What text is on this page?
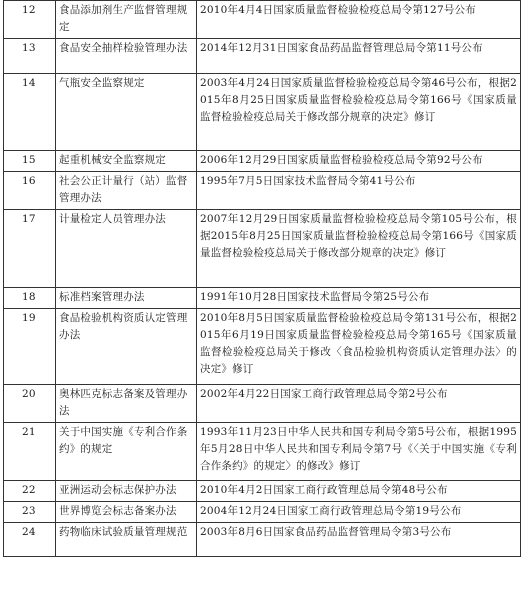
12	食品添加剂生产监督管理规定	2010年4月4日国家质量监督检验检疫总局令第127号公布
13	食品安全抽样检验管理办法	2014年12月31日国家食品药品监督管理总局令第11号公布
14	气瓶安全监察规定	2003年4月24日国家质量监督检验检疫总局令第46号公布，根据2015年8月25日国家质量监督检验检疫总局令第166号《国家质量监督检验检疫总局关于修改部分规章的决定》修订
15	起重机械安全监察规定	2006年12月29日国家质量监督检验检疫总局令第92号公布
16	社会公正计量行（站）监督管理办法	1995年7月5日国家技术监督局令第41号公布
17	计量检定人员管理办法	2007年12月29日国家质量监督检验检疫总局令第105号公布，根据2015年8月25日国家质量监督检验检疫总局令第166号《国家质量监督检验检疫总局关于修改部分规章的决定》修订
18	标准档案管理办法	1991年10月28日国家技术监督局令第25号公布
19	食品检验机构资质认定管理办法	2010年8月5日国家质量监督检验检疫总局令第131号公布，根据2015年6月19日国家质量监督检验检疫总局令第165号《国家质量监督检验检疫总局关于修改〈食品检验机构资质认定管理办法〉的决定》修订
20	奥林匹克标志备案及管理办法	2002年4月22日国家工商行政管理总局令第2号公布
21	关于中国实施《专利合作条约》的规定	1993年11月23日中华人民共和国专利局令第5号公布，根据1995年5月28日中华人民共和国专利局令第7号《〈关于中国实施《专利合作条约》的规定〉的修改》修订
22	亚洲运动会标志保护办法	2010年4月2日国家工商行政管理总局令第48号公布
23	世界博览会标志备案办法	2004年12月24日国家工商行政管理总局令第19号公布
24	药物临床试验质量管理规范	2003年8月6日国家食品药品监督管理局令第3号公布
